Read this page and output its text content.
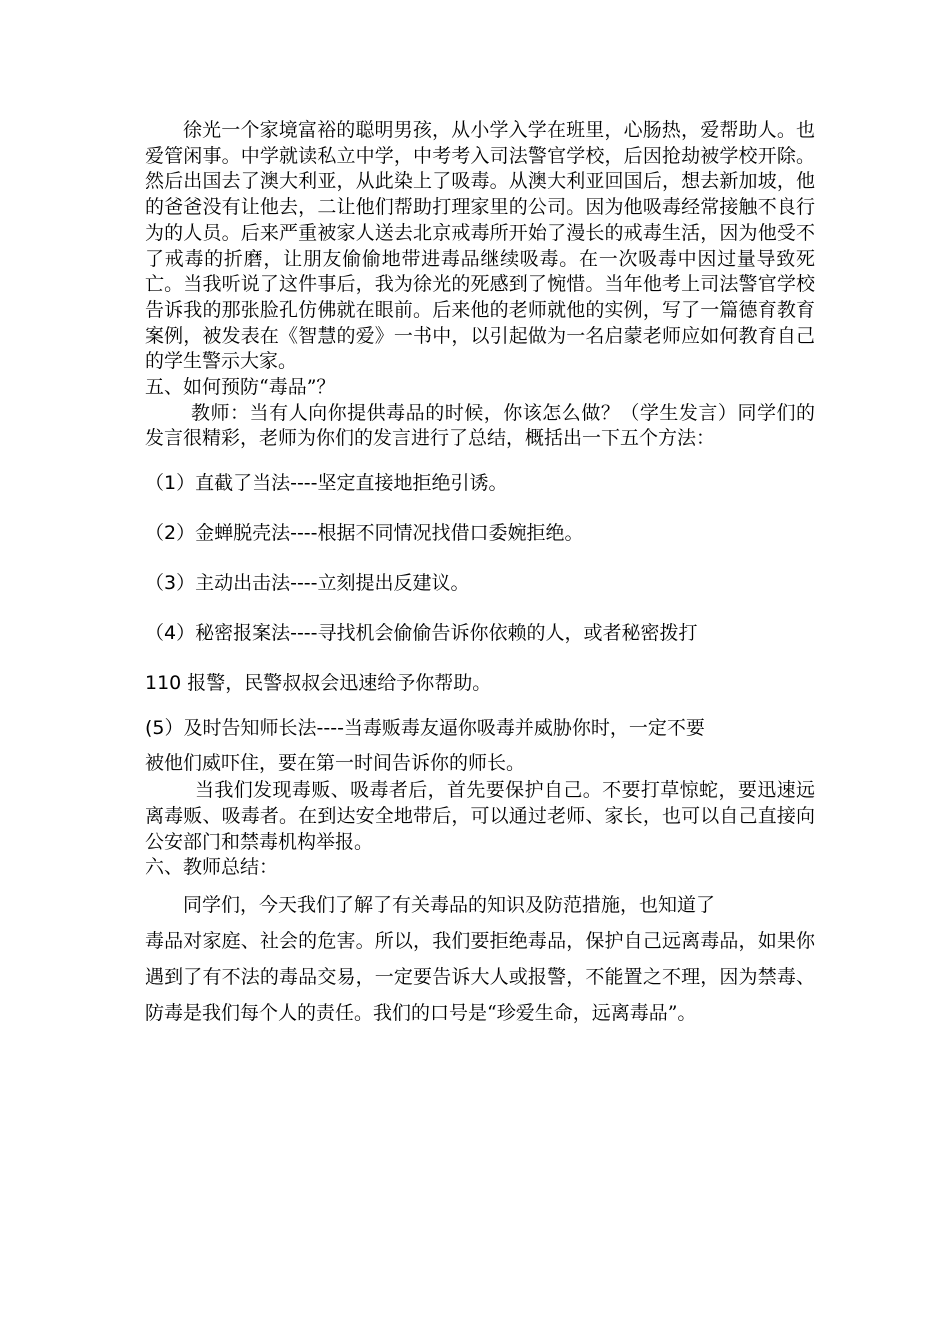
徐光一个家境富裕的聪明男孩，从小学入学在班里，心肠热，爱帮助人。也爱管闲事。中学就读私立中学，中考考入司法警官学校，后因抢劫被学校开除。然后出国去了澳大利亚，从此染上了吸毒。从澳大利亚回国后，想去新加坡，他的爸爸没有让他去，二让他们帮助打理家里的公司。因为他吸毒经常接触不良行为的人员。后来严重被家人送去北京戒毒所开始了漫长的戒毒生活，因为他受不了戒毒的折磨，让朋友偷偷地带进毒品继续吸毒。在一次吸毒中因过量导致死亡。当我听说了这件事后，我为徐光的死感到了惋惜。当年他考上司法警官学校告诉我的那张脸孔仿佛就在眼前。后来他的老师就他的实例，写了一篇德育教育案例，被发表在《智慧的爱》一书中，以引起做为一名启蒙老师应如何教育自己的学生警示大家。

五、如何预防“毒品”？

教师：当有人向你提供毒品的时候，你该怎么做？（学生发言）同学们的发言很精彩，老师为你们的发言进行了总结，概括出一下五个方法：

（1）直截了当法----坚定直接地拒绝引诱。

（2）金蝉脱壳法----根据不同情况找借口委婉拒绝。

（3）主动出击法----立刻提出反建议。

（4）秘密报案法----寻找机会偷偷告诉你依赖的人，或者秘密拨打

110 报警，民警叔叔会迅速给予你帮助。

(5）及时告知师长法----当毒贩毒友逼你吸毒并威胁你时，一定不要

被他们威吓住，要在第一时间告诉你的师长。

当我们发现毒贩、吸毒者后，首先要保护自己。不要打草惊蛇，要迅速远离毒贩、吸毒者。在到达安全地带后，可以通过老师、家长，也可以自己直接向公安部门和禁毒机构举报。

六、教师总结：

同学们，今天我们了解了有关毒品的知识及防范措施，也知道了

毒品对家庭、社会的危害。所以，我们要拒绝毒品，保护自己远离毒品，如果你遇到了有不法的毒品交易，一定要告诉大人或报警，不能置之不理，因为禁毒、防毒是我们每个人的责任。我们的口号是“珍爱生命，远离毒品”。
